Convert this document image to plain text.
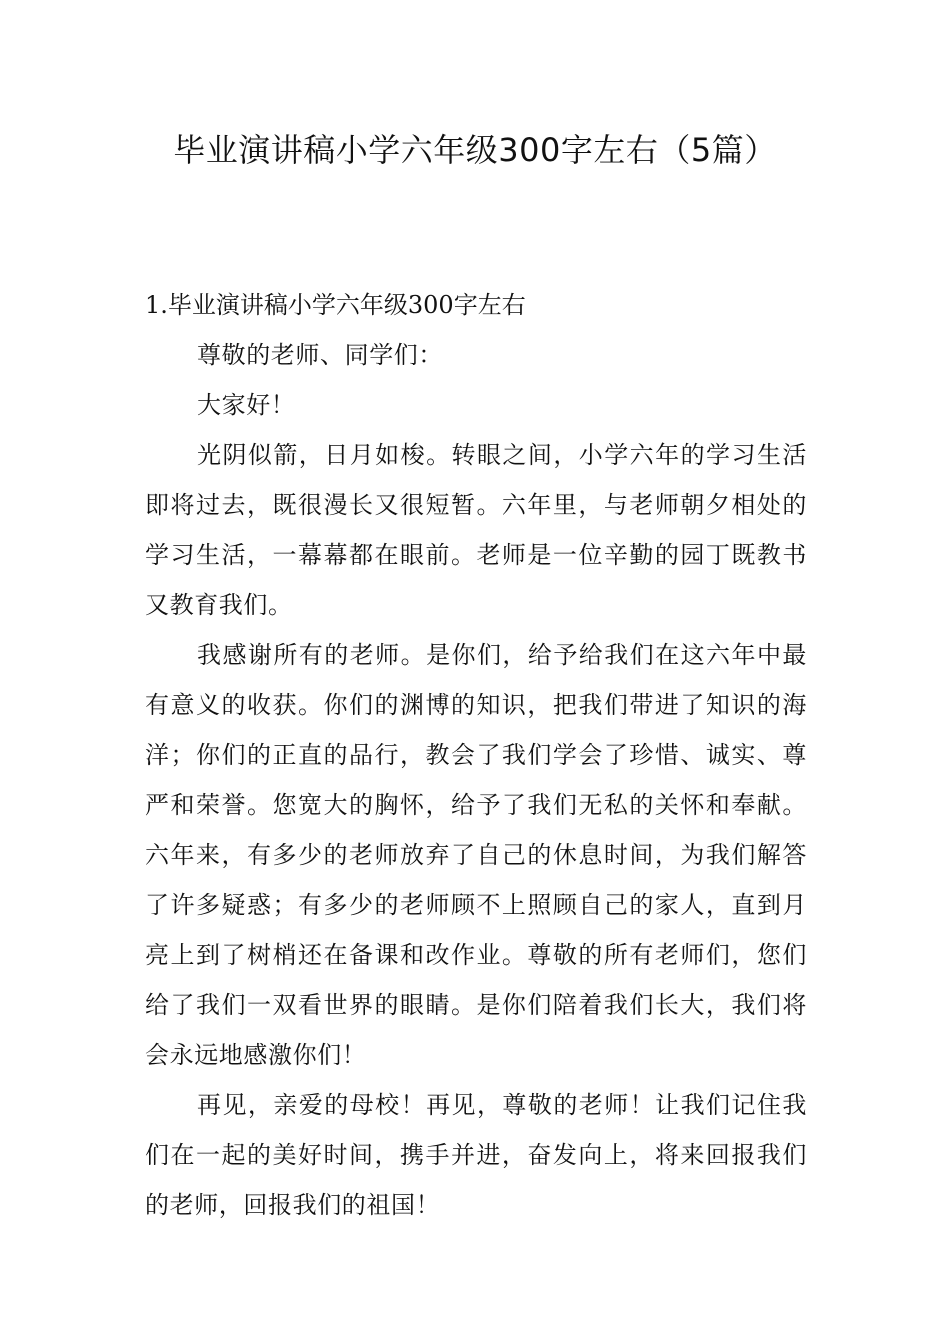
毕业演讲稿小学六年级300字左右（5篇）

1.毕业演讲稿小学六年级300字左右

尊敬的老师、同学们：

大家好！

光阴似箭，日月如梭。转眼之间，小学六年的学习生活即将过去，既很漫长又很短暂。六年里，与老师朝夕相处的学习生活，一幕幕都在眼前。老师是一位辛勤的园丁既教书又教育我们。

我感谢所有的老师。是你们，给予给我们在这六年中最有意义的收获。你们的渊博的知识，把我们带进了知识的海洋；你们的正直的品行，教会了我们学会了珍惜、诚实、尊严和荣誉。您宽大的胸怀，给予了我们无私的关怀和奉献。六年来，有多少的老师放弃了自己的休息时间，为我们解答了许多疑惑；有多少的老师顾不上照顾自己的家人，直到月亮上到了树梢还在备课和改作业。尊敬的所有老师们，您们给了我们一双看世界的眼睛。是你们陪着我们长大，我们将会永远地感激你们！

再见，亲爱的母校！再见，尊敬的老师！让我们记住我们在一起的美好时间，携手并进，奋发向上，将来回报我们的老师，回报我们的祖国！
